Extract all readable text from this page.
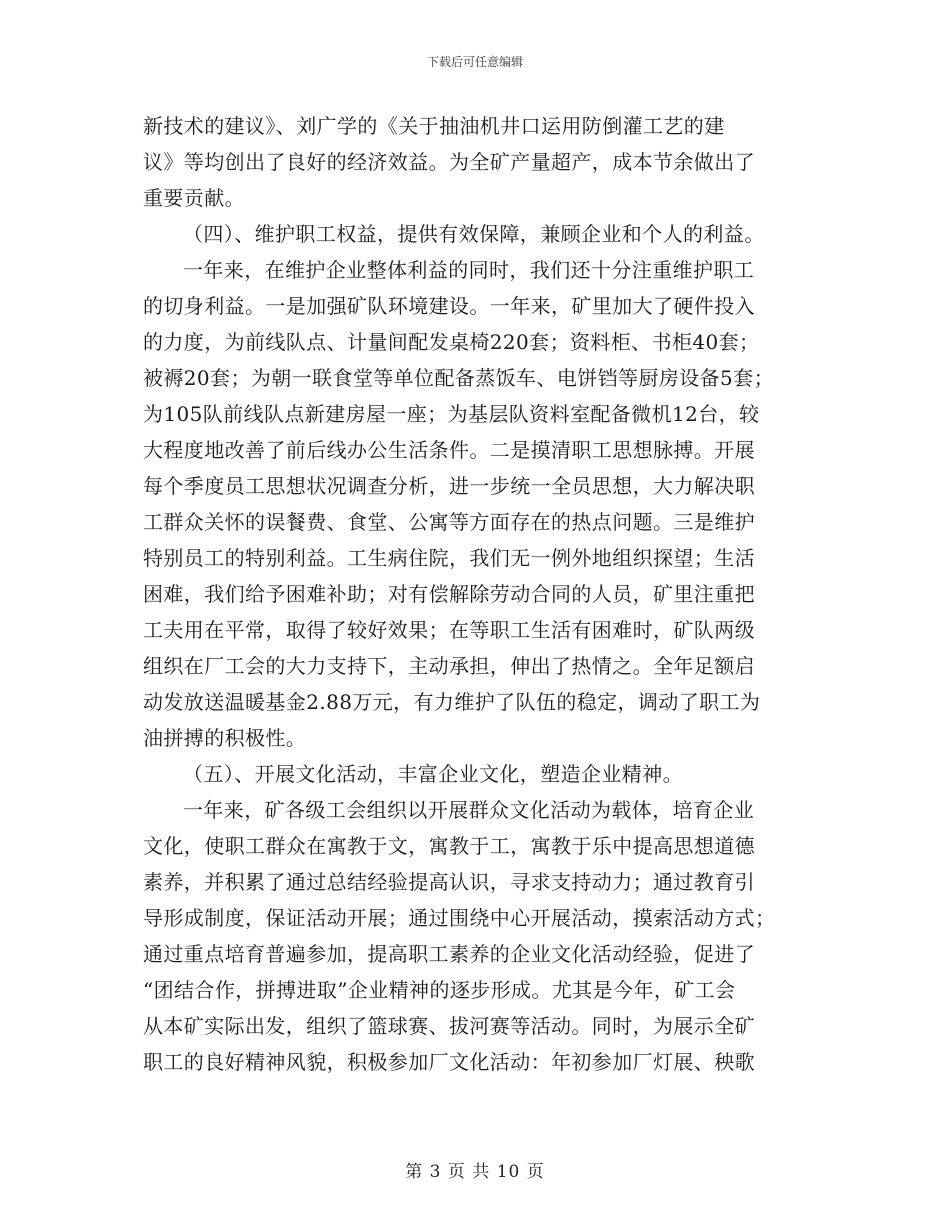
下载后可任意编辑
新技术的建议》、刘广学的《关于抽油机井口运用防倒灌工艺的建
议》等均创出了良好的经济效益。为全矿产量超产，成本节余做出了
重要贡献。
（四）、维护职工权益，提供有效保障，兼顾企业和个人的利益。
一年来，在维护企业整体利益的同时，我们还十分注重维护职工
的切身利益。一是加强矿队环境建设。一年来，矿里加大了硬件投入
的力度，为前线队点、计量间配发桌椅220套；资料柜、书柜40套；
被褥20套；为朝一联食堂等单位配备蒸饭车、电饼铛等厨房设备5套；
为105队前线队点新建房屋一座；为基层队资料室配备微机12台，较
大程度地改善了前后线办公生活条件。二是摸清职工思想脉搏。开展
每个季度员工思想状况调查分析，进一步统一全员思想，大力解决职
工群众关怀的误餐费、食堂、公寓等方面存在的热点问题。三是维护
特别员工的特别利益。工生病住院，我们无一例外地组织探望；生活
困难，我们给予困难补助；对有偿解除劳动合同的人员，矿里注重把
工夫用在平常，取得了较好效果；在等职工生活有困难时，矿队两级
组织在厂工会的大力支持下，主动承担，伸出了热情之。全年足额启
动发放送温暖基金2.88万元，有力维护了队伍的稳定，调动了职工为
油拼搏的积极性。
（五）、开展文化活动，丰富企业文化，塑造企业精神。
一年来，矿各级工会组织以开展群众文化活动为载体，培育企业
文化，使职工群众在寓教于文，寓教于工，寓教于乐中提高思想道德
素养，并积累了通过总结经验提高认识，寻求支持动力；通过教育引
导形成制度，保证活动开展；通过围绕中心开展活动，摸索活动方式；
通过重点培育普遍参加，提高职工素养的企业文化活动经验，促进了
“团结合作，拼搏进取”企业精神的逐步形成。尤其是今年，矿工会
从本矿实际出发，组织了篮球赛、拔河赛等活动。同时，为展示全矿
职工的良好精神风貌，积极参加厂文化活动：年初参加厂灯展、秧歌
第 3 页 共 10 页
